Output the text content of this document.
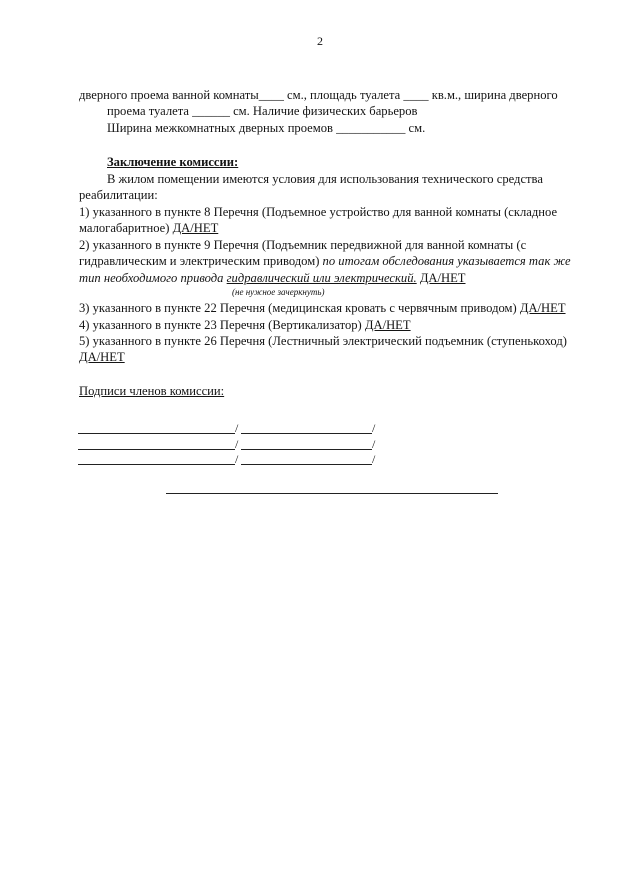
2
дверного проема ванной комнаты____ см., площадь туалета ____ кв.м., ширина дверного
проема туалета ______ см. Наличие физических барьеров
Ширина межкомнатных дверных проемов ___________ см.
Заключение комиссии:
В жилом помещении имеются условия для использования технического средства
реабилитации:
1) указанного в пункте 8 Перечня (Подъемное устройство для ванной комнаты (складное
малогабаритное) ДА/НЕТ
2) указанного в пункте 9 Перечня (Подъемник передвижной для ванной комнаты (с
гидравлическим и электрическим приводом) по итогам обследования указывается так же
тип необходимого привода гидравлический или электрический. ДА/НЕТ
(не нужное зачеркнуть)
3) указанного в пункте 22 Перечня (медицинская кровать с червячным приводом) ДА/НЕТ
4) указанного в пункте 23 Перечня (Вертикализатор) ДА/НЕТ
5) указанного в пункте 26 Перечня (Лестничный электрический подъемник (ступенькоход)
ДА/НЕТ
Подписи членов комиссии:
/	/
/	/
/	/
